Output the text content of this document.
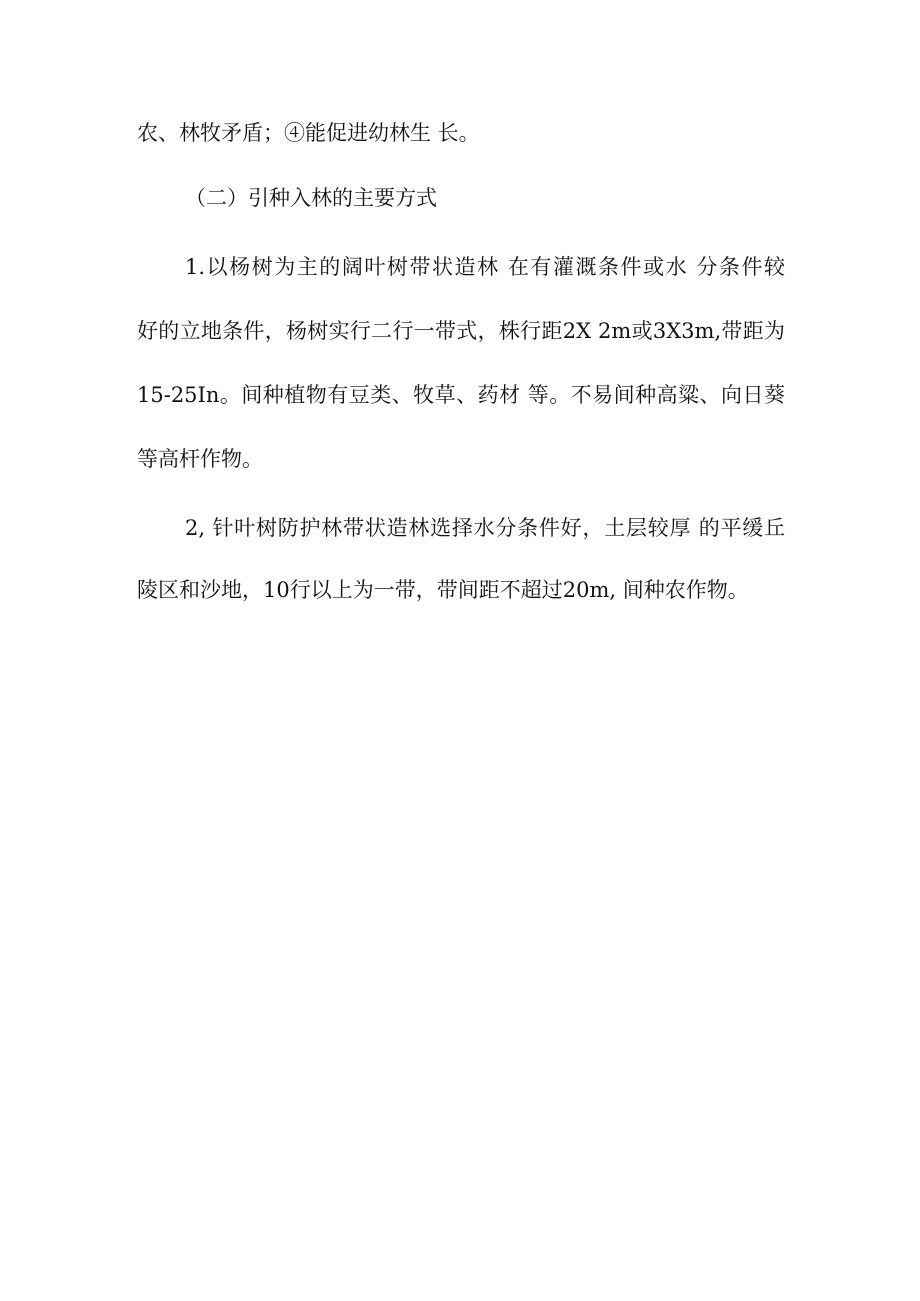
农、林牧矛盾；④能促进幼林生 长。
（二）引种入林的主要方式
1.以杨树为主的阔叶树带状造林 在有灌溉条件或水 分条件较
好的立地条件，杨树实行二行一带式，株行距2X 2m或3X3m,带距为
15-25In。间种植物有豆类、牧草、药材 等。不易间种高粱、向日葵
等高杆作物。
2, 针叶树防护林带状造林选择水分条件好，土层较厚 的平缓丘
陵区和沙地，10行以上为一带，带间距不超过20m, 间种农作物。
